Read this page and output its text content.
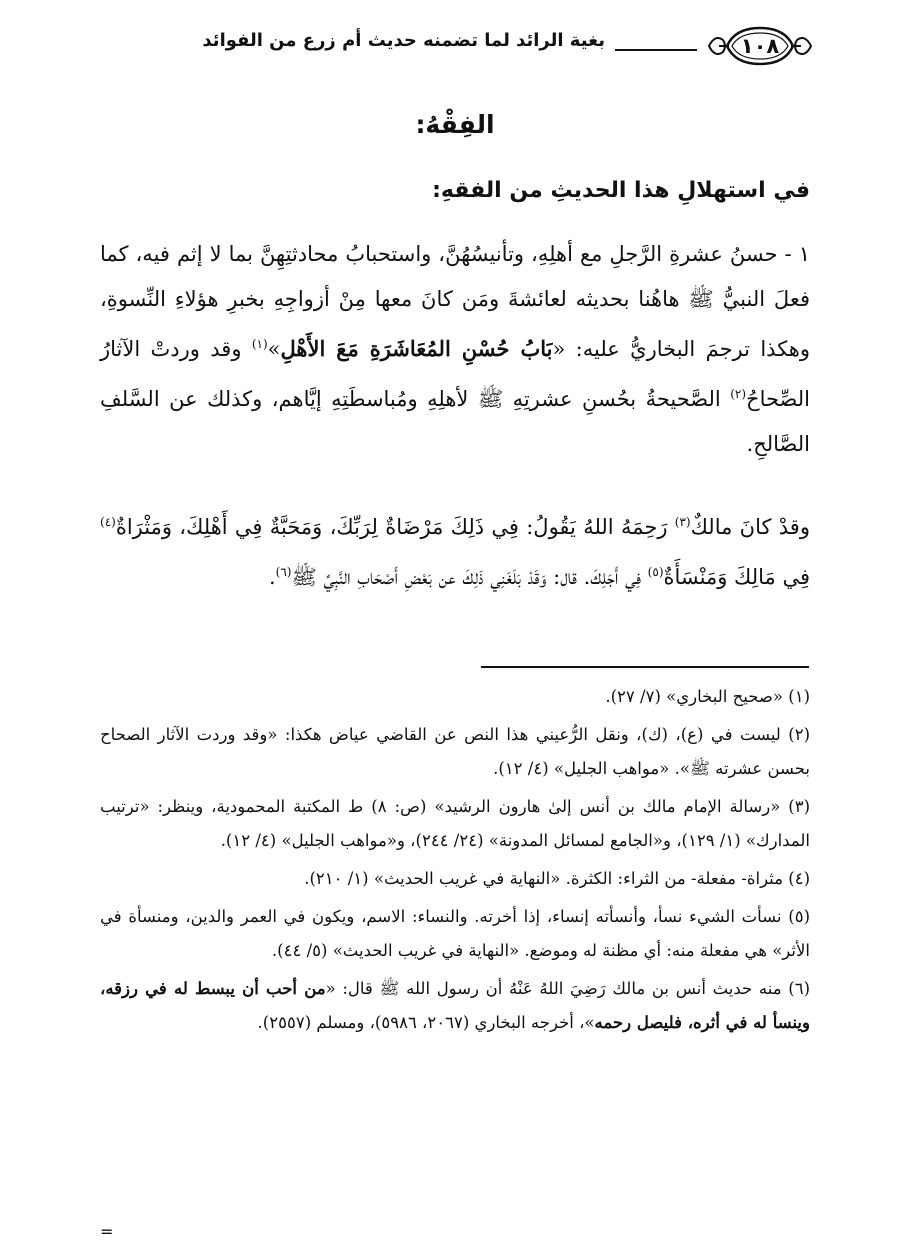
١٠٨
بغية الرائد لما تضمنه حديث أم زرع من الفوائد
الفِقْهُ:
في استهلالِ هذا الحديثِ من الفقهِ:
١ - حسنُ عشرةِ الرَّجلِ مع أهلِهِ، وتأنيسُهُنَّ، واستحبابُ محادثتِهِنَّ بما لا إثم فيه، كما فعلَ النبيُّ ﷺ هاهُنا بحديثه لعائشةَ ومَن كانَ معها مِنْ أزواجِهِ بخبرِ هؤلاءِ النِّسوةِ، وهكذا ترجمَ البخاريُّ عليه: «بَابُ حُسْنِ المُعَاشَرَةِ مَعَ الأَهْلِ»$^{(١)}$ وقد وردتْ الآثارُ الصِّحاحُ$^{(٢)}$ الصَّحيحةُ بحُسنِ عشرتِهِ ﷺ لأهلِهِ ومُباسطَتِهِ إيَّاهم، وكذلك عن السَّلفِ الصَّالحِ.
وقدْ كانَ مالكٌ$^{(٣)}$ رَحِمَهُ اللهُ يَقُولُ: فِي ذَلِكَ مَرْضَاةٌ لِرَبِّكَ، وَمَحَبَّةٌ فِي أَهْلِكَ، وَمَثْرَاةٌ$^{(٤)}$ فِي مَالِكَ وَمَنْسَأَةٌ$^{(٥)}$ فِي أَجَلِكَ. قال: وَقَدْ بَلَغَنِي ذَلِكَ عن بَعْضِ أَصْحَابِ النَّبِيِّ ﷺ$^{(٦)}$.
(١) «صحيح البخاري» (٧/ ٢٧).
(٢) ليست في (ع)، (ك)، ونقل الرُّعيني هذا النص عن القاضي عياض هكذا: «وقد وردت الآثار الصحاح بحسن عشرته ﷺ». «مواهب الجليل» (٤/ ١٢).
(٣) «رسالة الإمام مالك بن أنس إلىٰ هارون الرشيد» (ص: ٨) ط المكتبة المحمودية، وينظر: «ترتيب المدارك» (١/ ١٢٩)، و«الجامع لمسائل المدونة» (٢٤/ ٢٤٤)، و«مواهب الجليل» (٤/ ١٢).
(٤) مثراة- مفعلة- من الثراء: الكثرة. «النهاية في غريب الحديث» (١/ ٢١٠).
(٥) نسأت الشيء نسأ، وأنسأته إنساء، إذا أخرته. والنساء: الاسم، ويكون في العمر والدين، ومنسأة في الأثر» هي مفعلة منه: أي مظنة له وموضع. «النهاية في غريب الحديث» (٥/ ٤٤).
(٦) منه حديث أنس بن مالك رَضِيَ اللهُ عَنْهُ أن رسول الله ﷺ قال: «من أحب أن يبسط له في رزقه، وينسأ له في أثره، فليصل رحمه»، أخرجه البخاري (٢٠٦٧، ٥٩٨٦)، ومسلم (٢٥٥٧).
=
